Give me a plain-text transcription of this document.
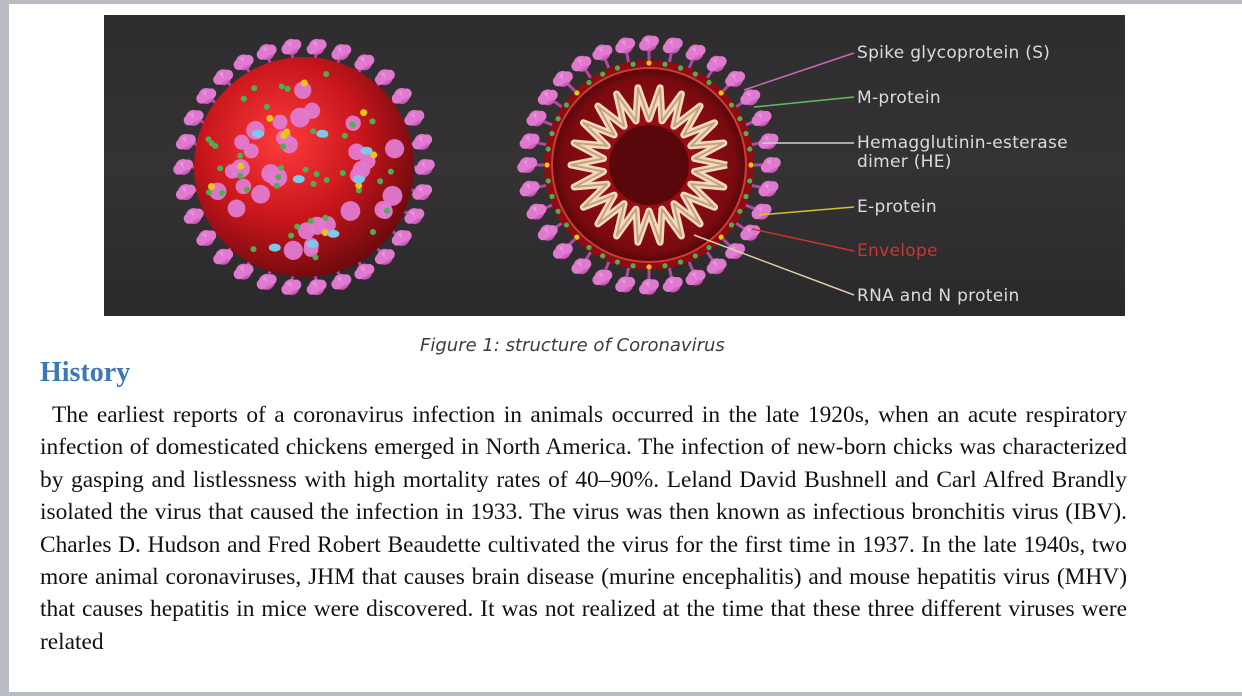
Spike glycoprotein (S)
M-protein
Hemagglutinin-esterase
dimer (HE)
E-protein
Envelope
RNA and N protein
Figure 1: structure of Coronavirus
History

The earliest reports of a coronavirus infection in animals occurred in the late 1920s, when an acute respiratory infection of domesticated chickens emerged in North America. The infection of new-born chicks was characterized by gasping and listlessness with high mortality rates of 40–90%. Leland David Bushnell and Carl Alfred Brandly isolated the virus that caused the infection in 1933. The virus was then known as infectious bronchitis virus (IBV). Charles D. Hudson and Fred Robert Beaudette cultivated the virus for the first time in 1937. In the late 1940s, two more animal coronaviruses, JHM that causes brain disease (murine encephalitis) and mouse hepatitis virus (MHV) that causes hepatitis in mice were discovered. It was not realized at the time that these three different viruses were related
